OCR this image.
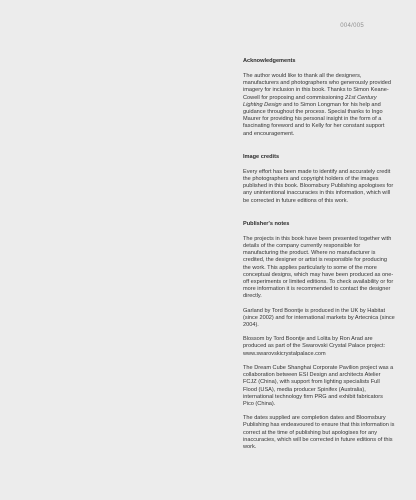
004/005
Acknowledgements

The author would like to thank all the designers, manufacturers and photographers who generously provided imagery for inclusion in this book. Thanks to Simon Keane-Cowell for proposing and commissioning 21st Century Lighting Design and to Simon Longman for his help and guidance throughout the process. Special thanks to Ingo Maurer for providing his personal insight in the form of a fascinating foreword and to Kelly for her constant support and encouragement.

Image credits

Every effort has been made to identify and accurately credit the photographers and copyright holders of the images published in this book. Bloomsbury Publishing apologises for any unintentional inaccuracies in this information, which will be corrected in future editions of this work.

Publisher's notes

The projects in this book have been presented together with details of the company currently responsible for manufacturing the product. Where no manufacturer is credited, the designer or artist is responsible for producing the work. This applies particularly to some of the more conceptual designs, which may have been produced as one-off experiments or limited editions. To check availability or for more information it is recommended to contact the designer directly.

Garland by Tord Boontje is produced in the UK by Habitat (since 2002) and for international markets by Artecnica (since 2004).

Blossom by Tord Boontje and Lolita by Ron Arad are produced as part of the Swarovski Crystal Palace project: www.swarovskicrystalpalace.com

The Dream Cube Shanghai Corporate Pavilion project was a collaboration between ESI Design and architects Atelier FCJZ (China), with support from lighting specialists Full Flood (USA), media producer Spinifex (Australia), international technology firm PRG and exhibit fabricators Pico (China).

The dates supplied are completion dates and Bloomsbury Publishing has endeavoured to ensure that this information is correct at the time of publishing but apologises for any inaccuracies, which will be corrected in future editions of this work.
